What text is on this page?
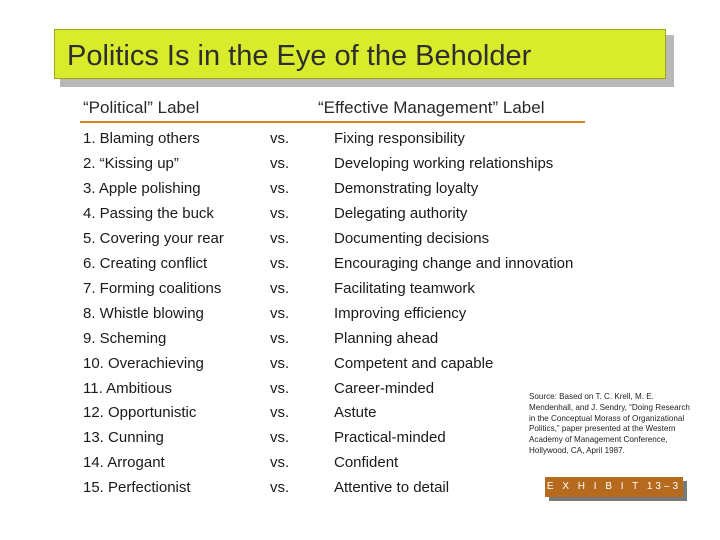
Politics Is in the Eye of the Beholder
“Political” Label	“Effective Management” Label
1. Blaming others	vs.	Fixing responsibility
2. “Kissing up”	vs.	Developing working relationships
3. Apple polishing	vs.	Demonstrating loyalty
4. Passing the buck	vs.	Delegating authority
5. Covering your rear	vs.	Documenting decisions
6. Creating conflict	vs.	Encouraging change and innovation
7. Forming coalitions	vs.	Facilitating teamwork
8. Whistle blowing	vs.	Improving efficiency
9. Scheming	vs.	Planning ahead
10. Overachieving	vs.	Competent and capable
11. Ambitious	vs.	Career-minded
12. Opportunistic	vs.	Astute
13. Cunning	vs.	Practical-minded
14. Arrogant	vs.	Confident
15. Perfectionist	vs.	Attentive to detail
Source: Based on T. C. Krell, M. E. Mendenhall, and J. Sendry, “Doing Research in the Conceptual Morass of Organizational Politics,” paper presented at the Western Academy of Management Conference, Hollywood, CA, April 1987.
E X H I B I T 13–3
